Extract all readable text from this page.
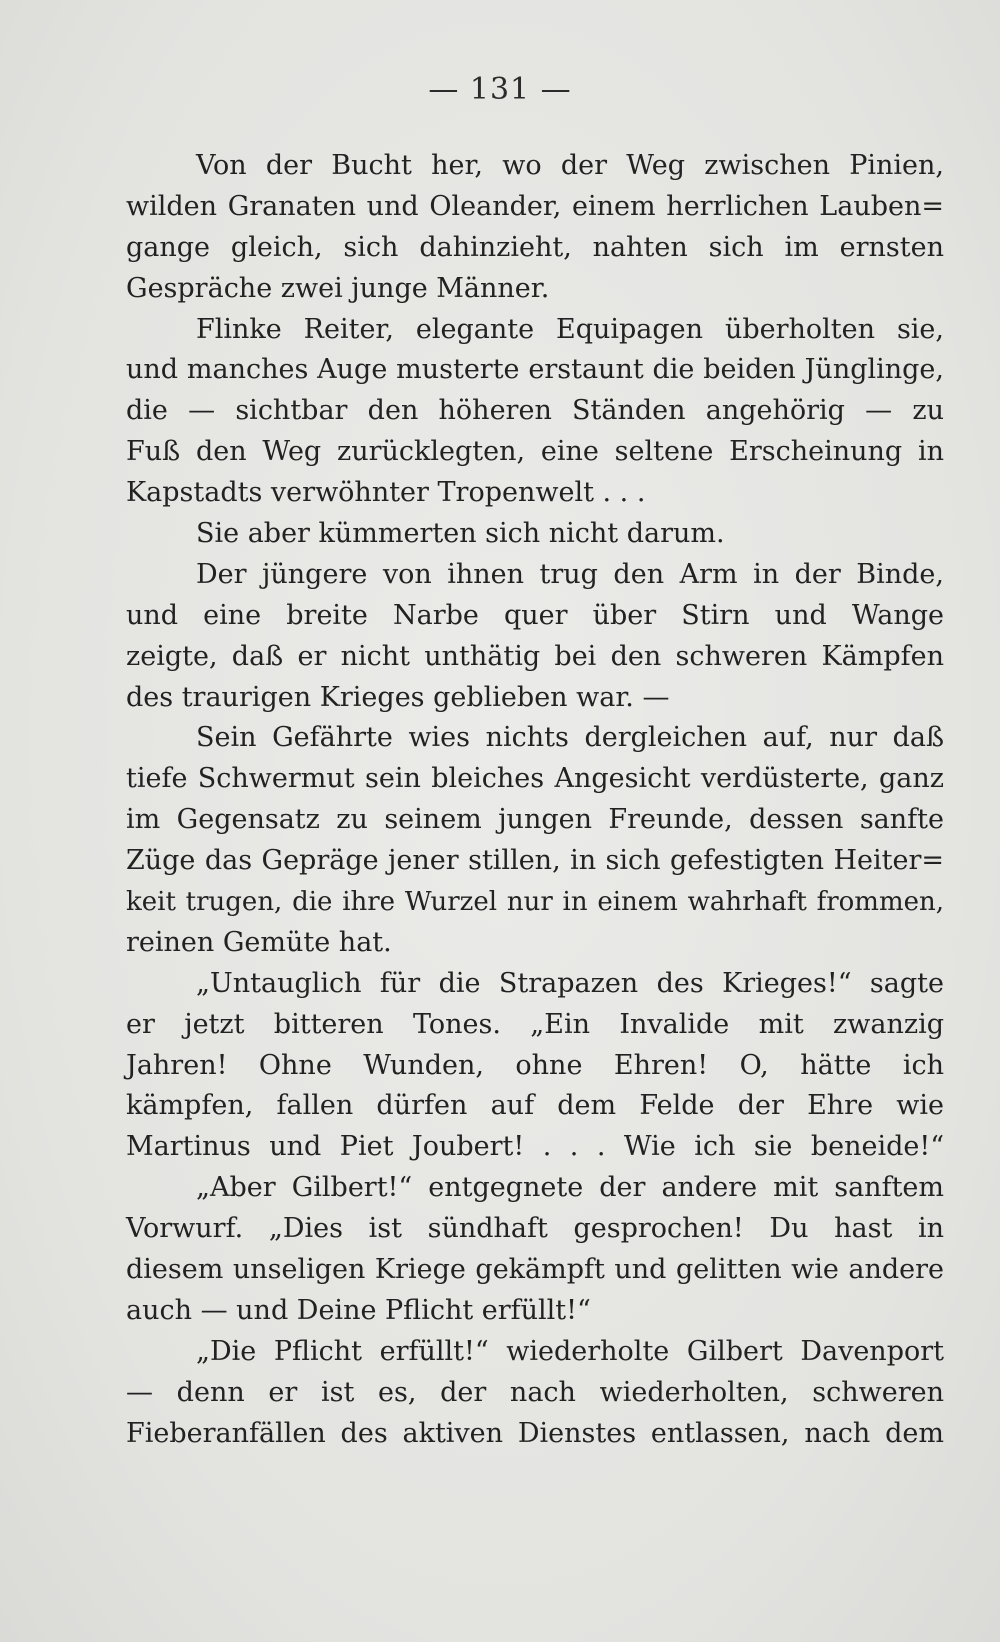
— 131 —
Von der Bucht her, wo der Weg zwischen Pinien,
wilden Granaten und Oleander, einem herrlichen Lauben=
gange gleich, sich dahinzieht, nahten sich im ernsten
Gespräche zwei junge Männer.
Flinke Reiter, elegante Equipagen überholten sie,
und manches Auge musterte erstaunt die beiden Jünglinge,
die — sichtbar den höheren Ständen angehörig — zu
Fuß den Weg zurücklegten, eine seltene Erscheinung in
Kapstadts verwöhnter Tropenwelt . . .
Sie aber kümmerten sich nicht darum.
Der jüngere von ihnen trug den Arm in der Binde,
und eine breite Narbe quer über Stirn und Wange
zeigte, daß er nicht unthätig bei den schweren Kämpfen
des traurigen Krieges geblieben war. —
Sein Gefährte wies nichts dergleichen auf, nur daß
tiefe Schwermut sein bleiches Angesicht verdüsterte, ganz
im Gegensatz zu seinem jungen Freunde, dessen sanfte
Züge das Gepräge jener stillen, in sich gefestigten Heiter=
keit trugen, die ihre Wurzel nur in einem wahrhaft frommen,
reinen Gemüte hat.
„Untauglich für die Strapazen des Krieges!“ sagte
er jetzt bitteren Tones. „Ein Invalide mit zwanzig
Jahren! Ohne Wunden, ohne Ehren! O, hätte ich
kämpfen, fallen dürfen auf dem Felde der Ehre wie
Martinus und Piet Joubert! . . . Wie ich sie beneide!“
„Aber Gilbert!“ entgegnete der andere mit sanftem
Vorwurf. „Dies ist sündhaft gesprochen! Du hast in
diesem unseligen Kriege gekämpft und gelitten wie andere
auch — und Deine Pflicht erfüllt!“
„Die Pflicht erfüllt!“ wiederholte Gilbert Davenport
— denn er ist es, der nach wiederholten, schweren
Fieberanfällen des aktiven Dienstes entlassen, nach dem
